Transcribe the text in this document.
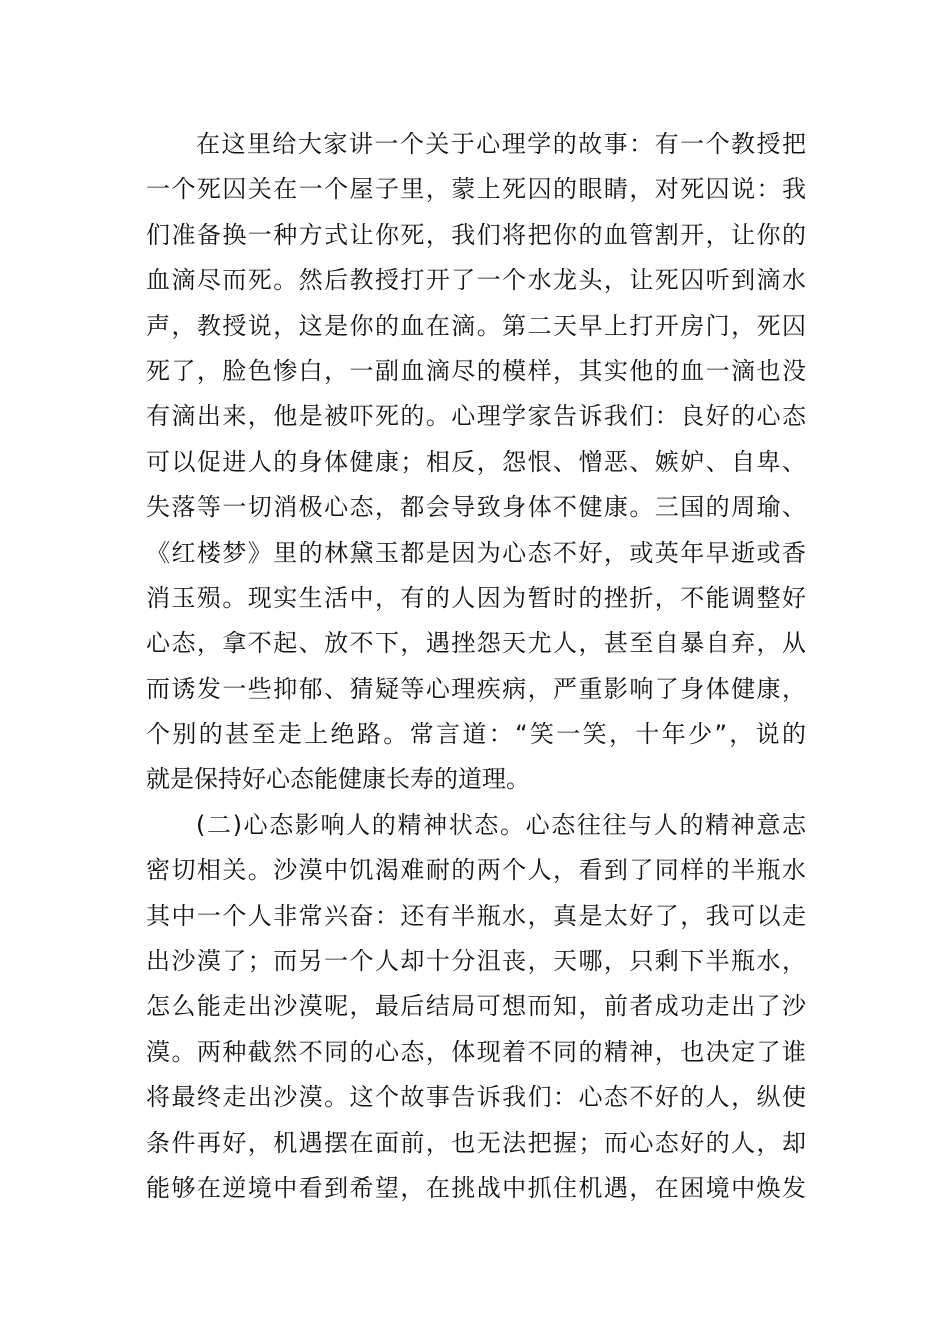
在这里给大家讲一个关于心理学的故事：有一个教授把
一个死囚关在一个屋子里，蒙上死囚的眼睛，对死囚说：我
们准备换一种方式让你死，我们将把你的血管割开，让你的
血滴尽而死。然后教授打开了一个水龙头，让死囚听到滴水
声，教授说，这是你的血在滴。第二天早上打开房门，死囚
死了，脸色惨白，一副血滴尽的模样，其实他的血一滴也没
有滴出来，他是被吓死的。心理学家告诉我们：良好的心态
可以促进人的身体健康；相反，怨恨、憎恶、嫉妒、自卑、
失落等一切消极心态，都会导致身体不健康。三国的周瑜、
《红楼梦》里的林黛玉都是因为心态不好，或英年早逝或香
消玉殒。现实生活中，有的人因为暂时的挫折，不能调整好
心态，拿不起、放不下，遇挫怨天尤人，甚至自暴自弃，从
而诱发一些抑郁、猜疑等心理疾病，严重影响了身体健康，
个别的甚至走上绝路。常言道：“笑一笑，十年少”，说的
就是保持好心态能健康长寿的道理。
(二)心态影响人的精神状态。心态往往与人的精神意志
密切相关。沙漠中饥渴难耐的两个人，看到了同样的半瓶水
其中一个人非常兴奋：还有半瓶水，真是太好了，我可以走
出沙漠了；而另一个人却十分沮丧，天哪，只剩下半瓶水，
怎么能走出沙漠呢，最后结局可想而知，前者成功走出了沙
漠。两种截然不同的心态，体现着不同的精神，也决定了谁
将最终走出沙漠。这个故事告诉我们：心态不好的人，纵使
条件再好，机遇摆在面前，也无法把握；而心态好的人，却
能够在逆境中看到希望，在挑战中抓住机遇，在困境中焕发
